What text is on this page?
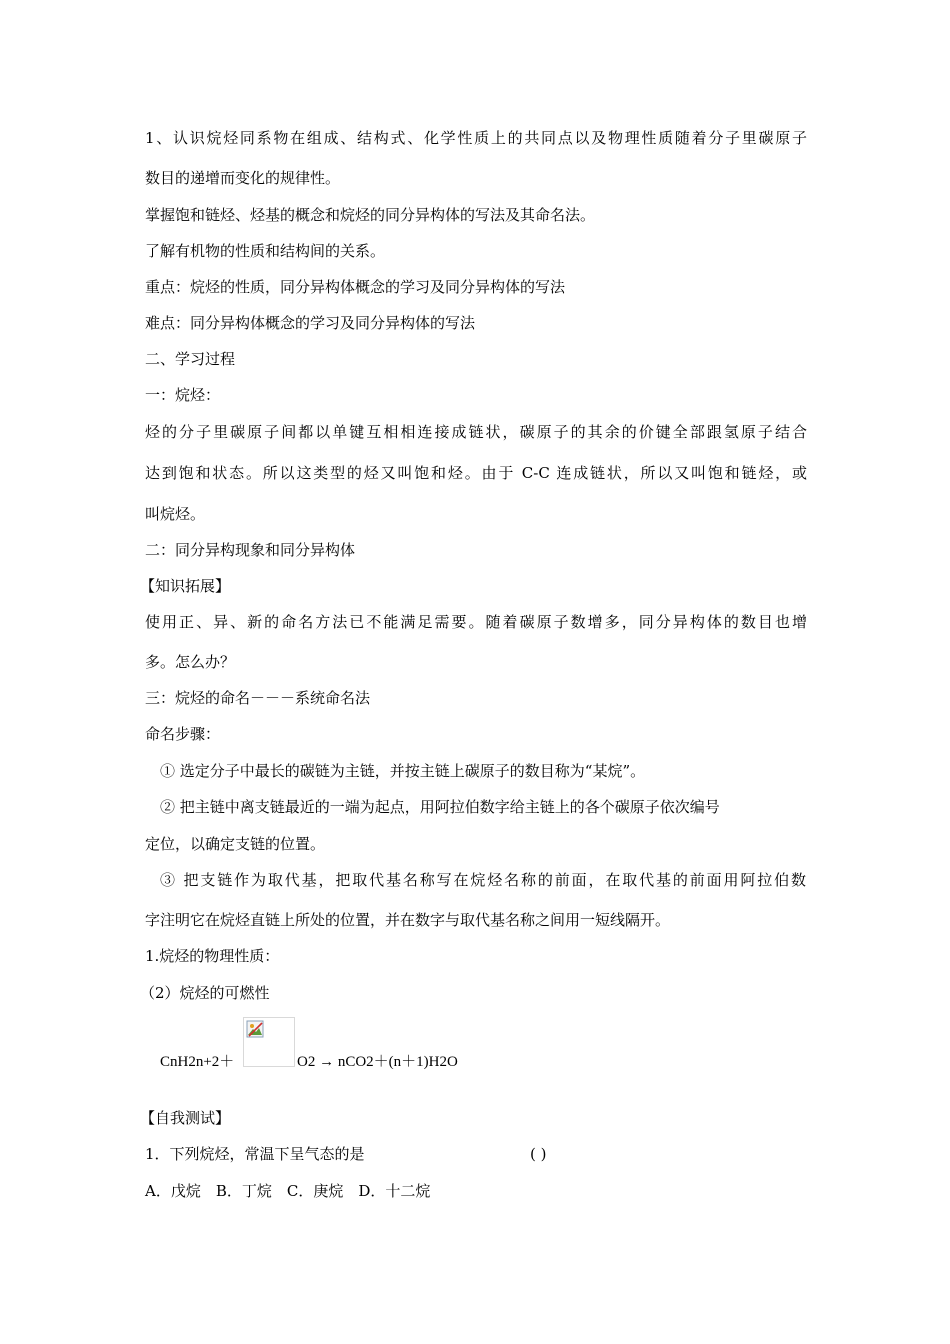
1、认识烷烃同系物在组成、结构式、化学性质上的共同点以及物理性质随着分子里碳原子
数目的递增而变化的规律性。
掌握饱和链烃、烃基的概念和烷烃的同分异构体的写法及其命名法。
了解有机物的性质和结构间的关系。
重点：烷烃的性质，同分异构体概念的学习及同分异构体的写法
难点：同分异构体概念的学习及同分异构体的写法
二、学习过程
一：烷烃：
烃的分子里碳原子间都以单键互相相连接成链状，碳原子的其余的价键全部跟氢原子结合
达到饱和状态。所以这类型的烃又叫饱和烃。由于 C-C 连成链状，所以又叫饱和链烃，或
叫烷烃。
二：同分异构现象和同分异构体
【知识拓展】
使用正、异、新的命名方法已不能满足需要。随着碳原子数增多，同分异构体的数目也增
多。怎么办？
三：烷烃的命名－－－系统命名法
命名步骤：
① 选定分子中最长的碳链为主链，并按主链上碳原子的数目称为“某烷”。
② 把主链中离支链最近的一端为起点，用阿拉伯数字给主链上的各个碳原子依次编号
定位，以确定支链的位置。
③ 把支链作为取代基，把取代基名称写在烷烃名称的前面，在取代基的前面用阿拉伯数
字注明它在烷烃直链上所处的位置，并在数字与取代基名称之间用一短线隔开。
1.烷烃的物理性质：
（2）烷烃的可燃性
CnH2n+2＋	O2 → nCO2＋(n＋1)H2O
【自我测试】
1．下列烷烃，常温下呈气态的是	( )
A．戊烷　B．丁烷　C．庚烷　D．十二烷
